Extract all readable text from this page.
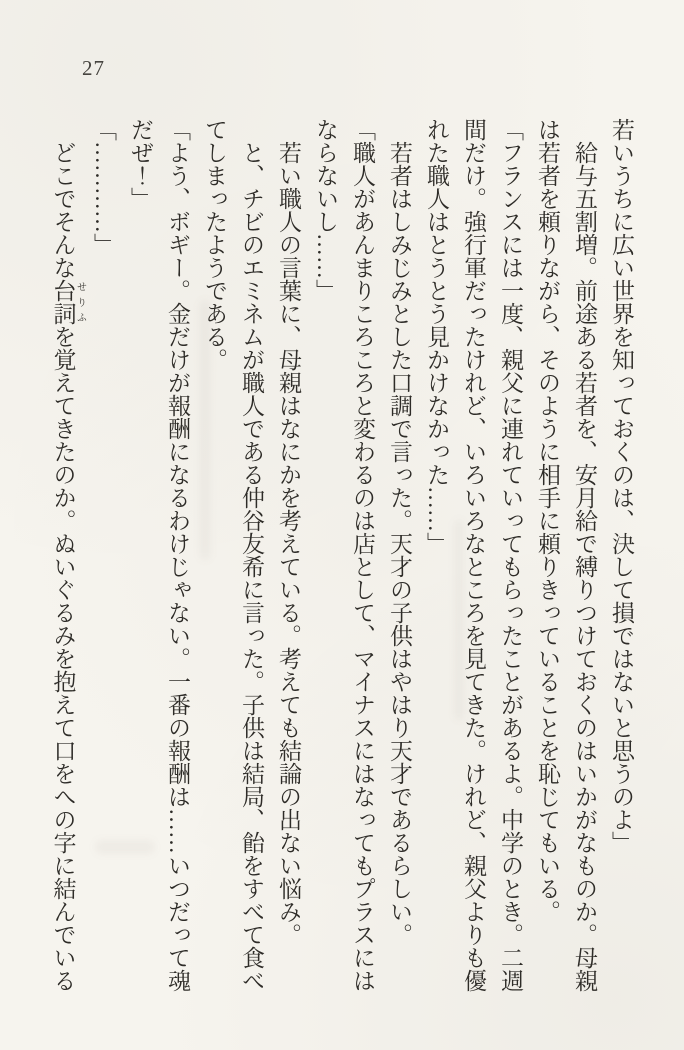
27

若いうちに広い世界を知っておくのは、決して損ではないと思うのよ」

給与五割増。前途ある若者を、安月給で縛りつけておくのはいかがなものか。母親

は若者を頼りながら、そのように相手に頼りきっていることを恥じてもいる。

「フランスには一度、親父に連れていってもらったことがあるよ。中学のとき。二週

間だけ。強行軍だったけれど、いろいろなところを見てきた。けれど、親父よりも優

れた職人はとうとう見かけなかった……」

若者はしみじみとした口調で言った。天才の子供はやはり天才であるらしい。

「職人があんまりころころと変わるのは店として、マイナスにはなってもプラスには

ならないし……」

若い職人の言葉に、母親はなにかを考えている。考えても結論の出ない悩み。

と、チビのエミネムが職人である仲谷友希に言った。子供は結局、飴をすべて食べ

てしまったようである。

「よう、ボギー。金だけが報酬になるわけじゃない。一番の報酬は……いつだって魂

だぜ！」

「…………」

どこでそんな台詞 せりふを覚えてきたのか。ぬいぐるみを抱えて口をへの字に結んでいる
